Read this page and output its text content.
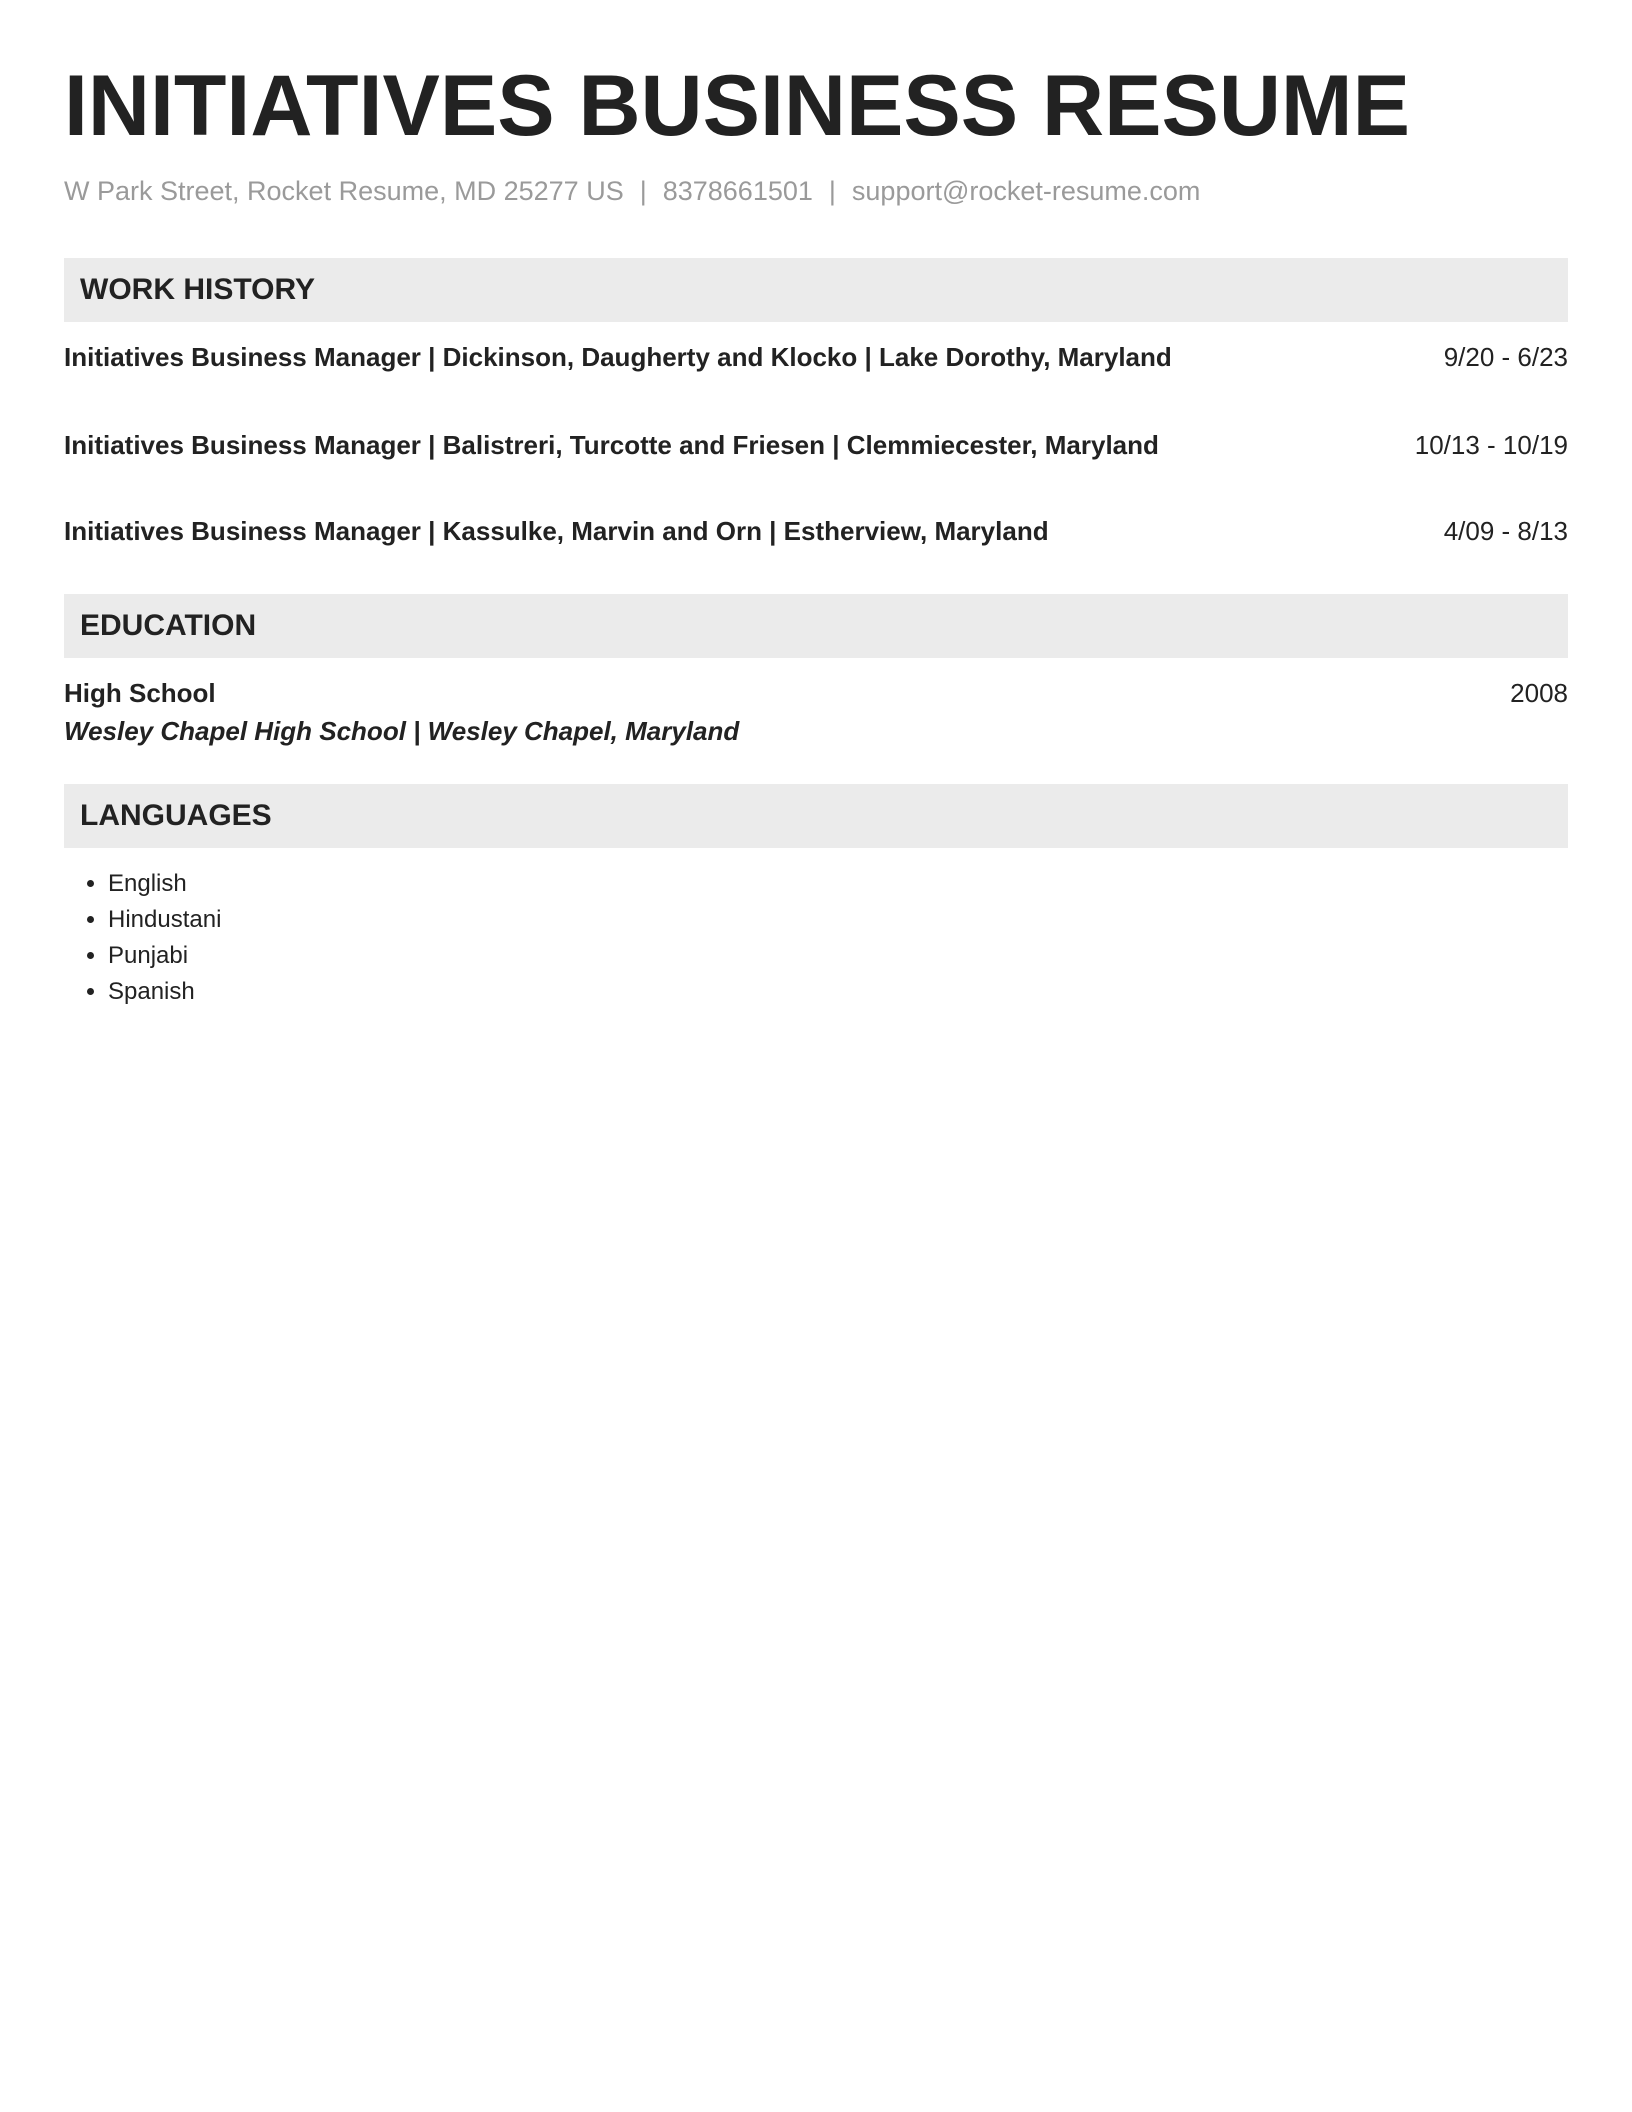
INITIATIVES BUSINESS RESUME
W Park Street, Rocket Resume, MD 25277 US | 8378661501 | support@rocket-resume.com
WORK HISTORY
Initiatives Business Manager | Dickinson, Daugherty and Klocko | Lake Dorothy, Maryland	9/20 - 6/23
Initiatives Business Manager | Balistreri, Turcotte and Friesen | Clemmiecester, Maryland	10/13 - 10/19
Initiatives Business Manager | Kassulke, Marvin and Orn | Estherview, Maryland	4/09 - 8/13
EDUCATION
High School	2008
Wesley Chapel High School | Wesley Chapel, Maryland
LANGUAGES
• English
• Hindustani
• Punjabi
• Spanish
